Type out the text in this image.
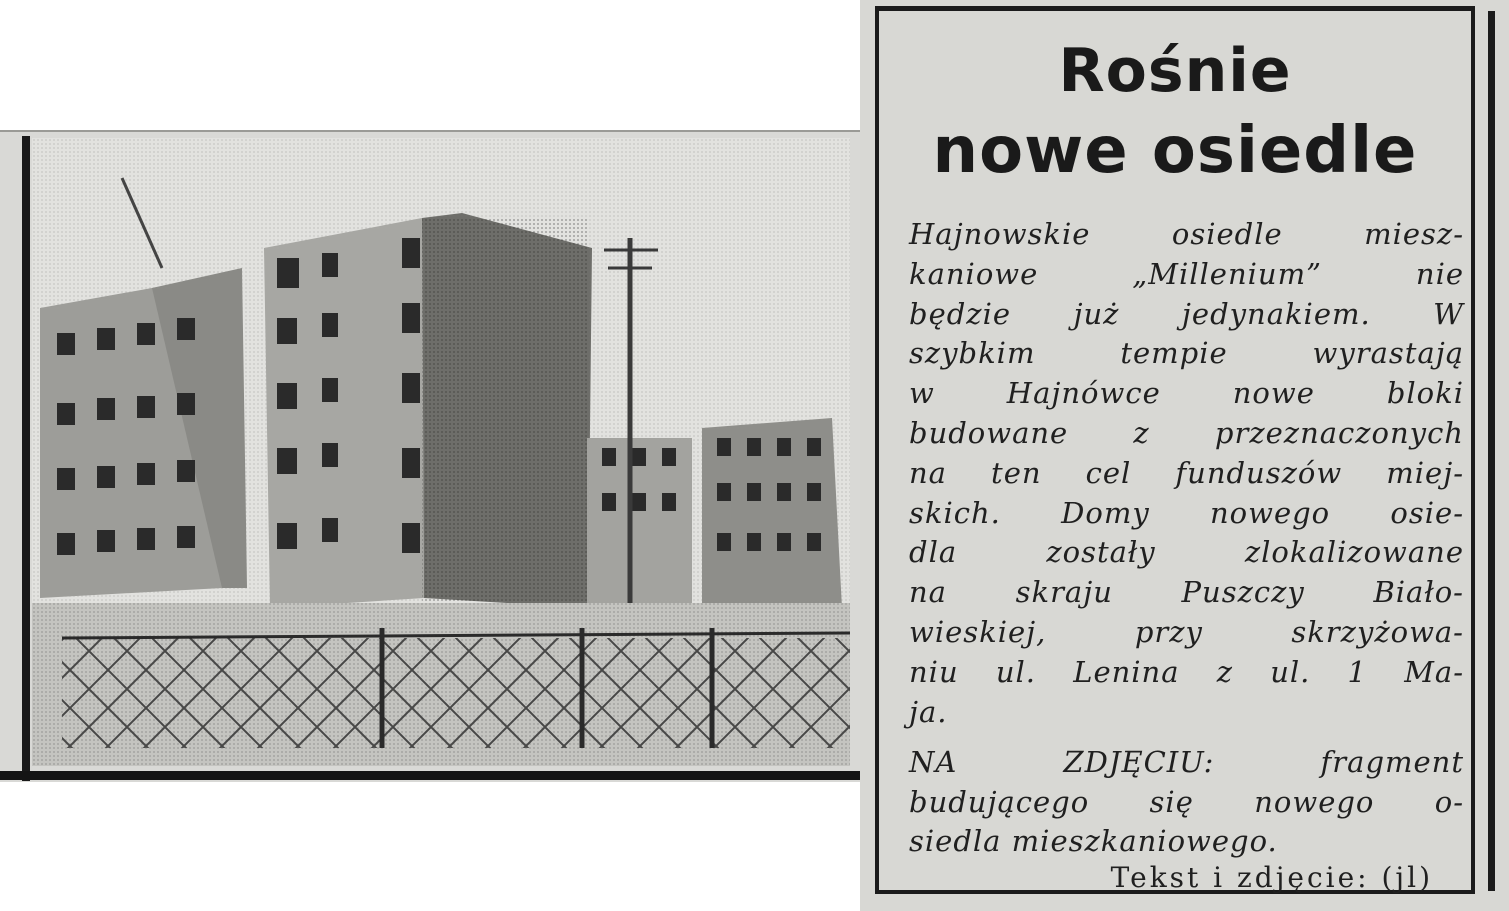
Rośnie
nowe osiedle
Hajnowskie osiedle miesz-
kaniowe „Millenium” nie
będzie już jedynakiem. W
szybkim tempie wyrastają
w Hajnówce nowe bloki
budowane z przeznaczonych
na ten cel funduszów miej-
skich. Domy nowego osie-
dla zostały zlokalizowane
na skraju Puszczy Biało-
wieskiej, przy skrzyżowa-
niu ul. Lenina z ul. 1 Ma-
ja.
NA ZDJĘCIU: fragment
budującego się nowego o-
siedla mieszkaniowego.
Tekst i zdjęcie: (jl)
